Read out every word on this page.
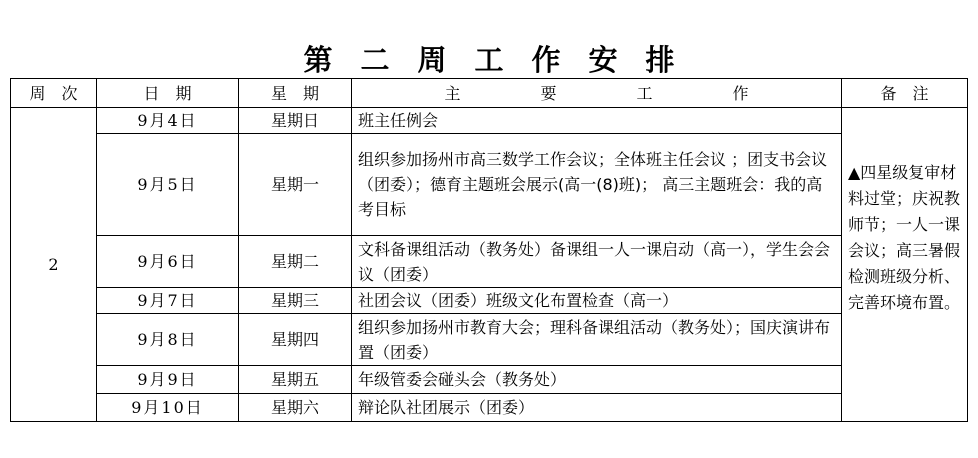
第二周工作安排
周次	日期	星期	主要工作	备注
2	9月4日	星期日	班主任例会	▲四星级复审材料过堂；庆祝教师节；一人一课会议；高三暑假检测班级分析、完善环境布置。
	9月5日	星期一	组织参加扬州市高三数学工作会议；全体班主任会议 ；团支书会议（团委）；德育主题班会展示(高一(8)班)； 高三主题班会：我的高考目标	
	9月6日	星期二	文科备课组活动（教务处）备课组一人一课启动（高一），学生会会议（团委）	
	9月7日	星期三	社团会议（团委）班级文化布置检查（高一）	
	9月8日	星期四	组织参加扬州市教育大会；理科备课组活动（教务处）；国庆演讲布置（团委）	
	9月9日	星期五	年级管委会碰头会（教务处）	
	9月10日	星期六	辩论队社团展示（团委）	
